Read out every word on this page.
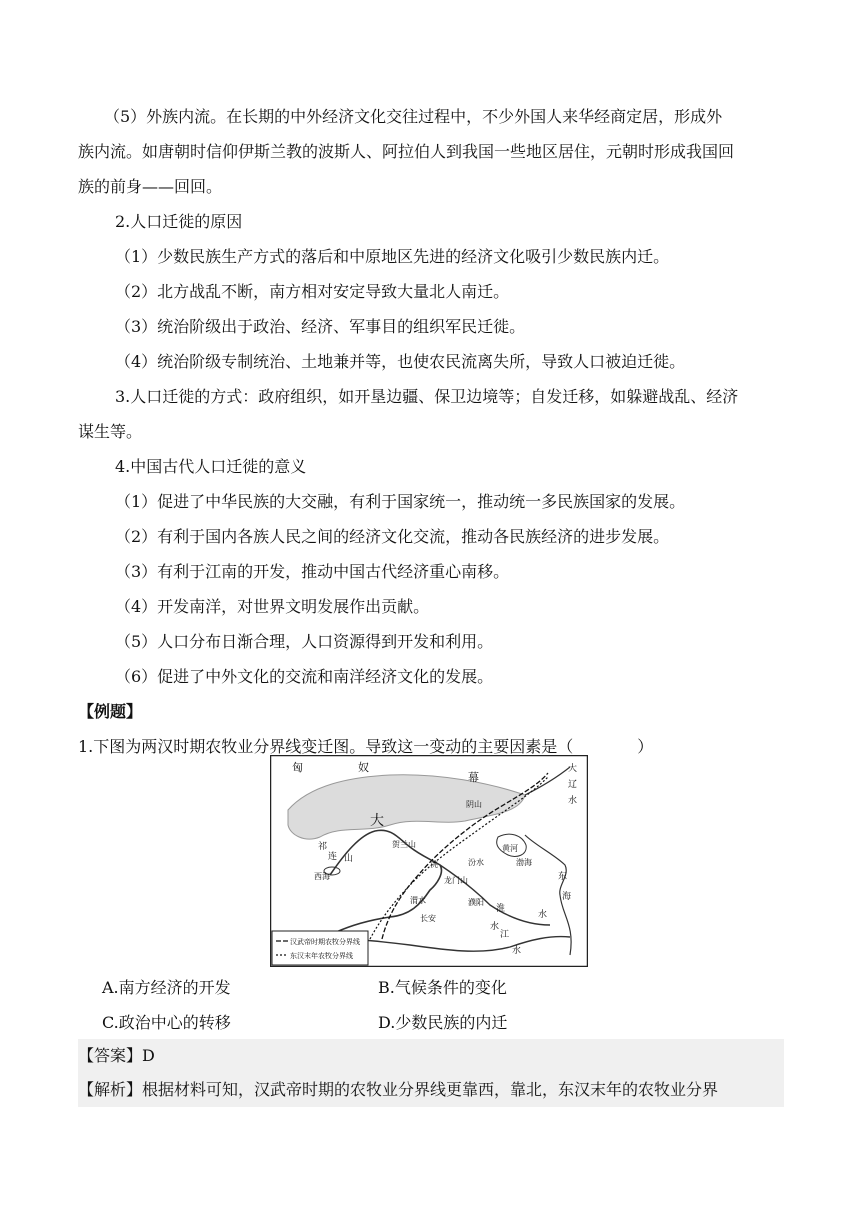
（5）外族内流。在长期的中外经济文化交往过程中，不少外国人来华经商定居，形成外
族内流。如唐朝时信仰伊斯兰教的波斯人、阿拉伯人到我国一些地区居住，元朝时形成我国回
族的前身——回回。
2.人口迁徙的原因
（1）少数民族生产方式的落后和中原地区先进的经济文化吸引少数民族内迁。
（2）北方战乱不断，南方相对安定导致大量北人南迁。
（3）统治阶级出于政治、经济、军事目的组织军民迁徙。
（4）统治阶级专制统治、土地兼并等，也使农民流离失所，导致人口被迫迁徙。
3.人口迁徙的方式：政府组织，如开垦边疆、保卫边境等；自发迁移，如躲避战乱、经济
谋生等。
4.中国古代人口迁徙的意义
（1）促进了中华民族的大交融，有利于国家统一，推动统一多民族国家的发展。
（2）有利于国内各族人民之间的经济文化交流，推动各民族经济的进步发展。
（3）有利于江南的开发，推动中国古代经济重心南移。
（4）开发南洋，对世界文明发展作出贡献。
（5）人口分布日渐合理，人口资源得到开发和利用。
（6）促进了中外文化的交流和南洋经济文化的发展。
【例题】
1.下图为两汉时期农牧业分界线变迁图。导致这一变动的主要因素是（　　　　）
匈	奴
幕
大
阴山
贺兰山
祁
连 山
西海
洮	汾水
龙门山
黄河
渤海
濮阳
长安
渭水
大
辽
水
东
海
淮
水
水
江
水
汉武帝时期农牧分界线
东汉末年农牧分界线
A.南方经济的开发	B.气候条件的变化
C.政治中心的转移	D.少数民族的内迁
【答案】D
【解析】根据材料可知，汉武帝时期的农牧业分界线更靠西，靠北，东汉末年的农牧业分界
